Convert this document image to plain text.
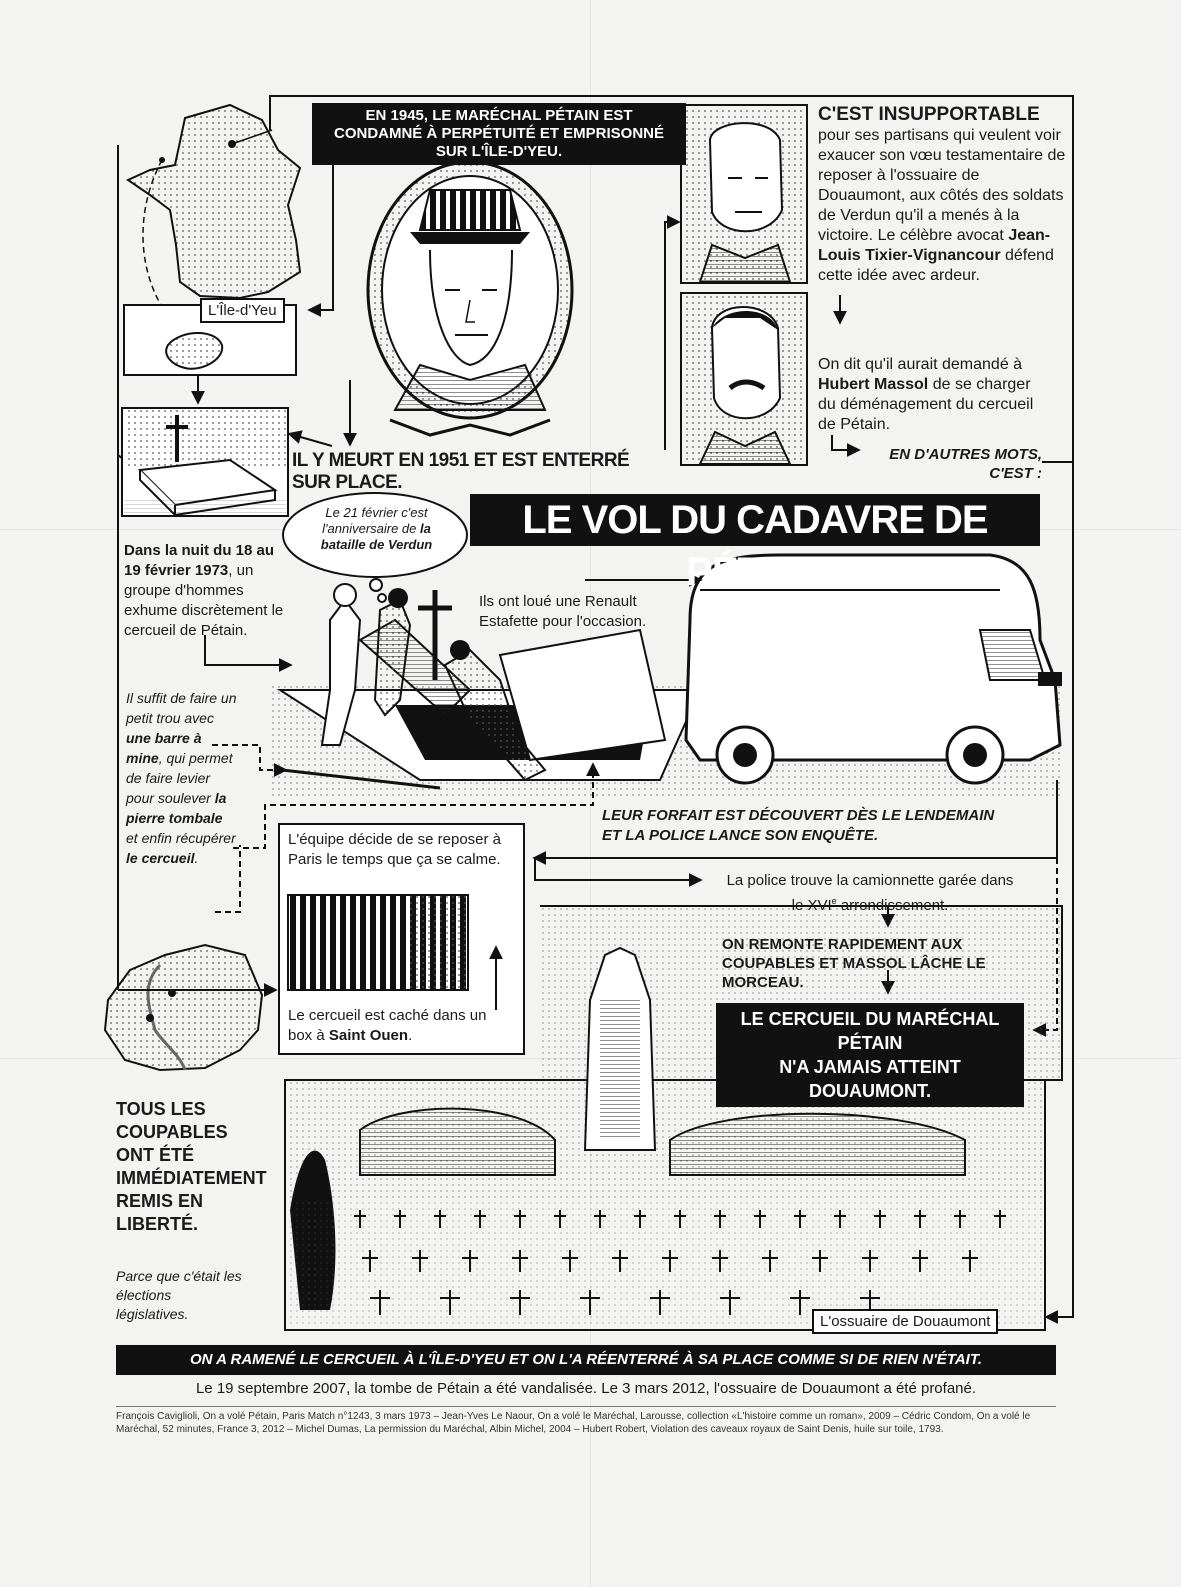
EN 1945, LE MARÉCHAL PÉTAIN EST CONDAMNÉ À PERPÉTUITÉ ET EMPRISONNÉ SUR L'ÎLE-D'YEU.
L'Île-d'Yeu
IL Y MEURT EN 1951 ET EST ENTERRÉ SUR PLACE.
C'EST INSUPPORTABLE pour ses partisans qui veulent voir exaucer son vœu testamentaire de reposer à l'ossuaire de Douaumont, aux côtés des soldats de Verdun qu'il a menés à la victoire. Le célèbre avocat Jean-Louis Tixier-Vignancour défend cette idée avec ardeur.
On dit qu'il aurait demandé à Hubert Massol de se charger du déménagement du cercueil de Pétain.
EN D'AUTRES MOTS,
C'EST :
LE VOL DU CADAVRE DE PÉTAIN
Le 21 février c'est l'anniversaire de la bataille de Verdun
Dans la nuit du 18 au 19 février 1973, un groupe d'hommes exhume discrètement le cercueil de Pétain.
Ils ont loué une Renault Estafette pour l'occasion.
Il suffit de faire un petit trou avec une barre à mine, qui permet de faire levier pour soulever la pierre tombale et enfin récupérer le cercueil.
LEUR FORFAIT EST DÉCOUVERT DÈS LE LENDEMAIN
ET LA POLICE LANCE SON ENQUÊTE.
L'équipe décide de se reposer à Paris le temps que ça se calme.
Le cercueil est caché dans un box à Saint Ouen.
La police trouve la camionnette garée dans le XVIe arrondissement.
ON REMONTE RAPIDEMENT AUX COUPABLES ET MASSOL LÂCHE LE MORCEAU.
LE CERCUEIL DU MARÉCHAL PÉTAIN
N'A JAMAIS ATTEINT DOUAUMONT.
TOUS LES COUPABLES ONT ÉTÉ IMMÉDIATEMENT REMIS EN LIBERTÉ.
Parce que c'était les élections législatives.	L'ossuaire de Douaumont
ON A RAMENÉ LE CERCUEIL À L'ÎLE-D'YEU ET ON L'A RÉENTERRÉ À SA PLACE COMME SI DE RIEN N'ÉTAIT.
Le 19 septembre 2007, la tombe de Pétain a été vandalisée. Le 3 mars 2012, l'ossuaire de Douaumont a été profané.
François Caviglioli, On a volé Pétain, Paris Match n°1243, 3 mars 1973 – Jean-Yves Le Naour, On a volé le Maréchal, Larousse, collection «L'histoire comme un roman», 2009 – Cédric Condom, On a volé le Maréchal, 52 minutes, France 3, 2012 – Michel Dumas, La permission du Maréchal, Albin Michel, 2004 – Hubert Robert, Violation des caveaux royaux de Saint Denis, huile sur toile, 1793.
